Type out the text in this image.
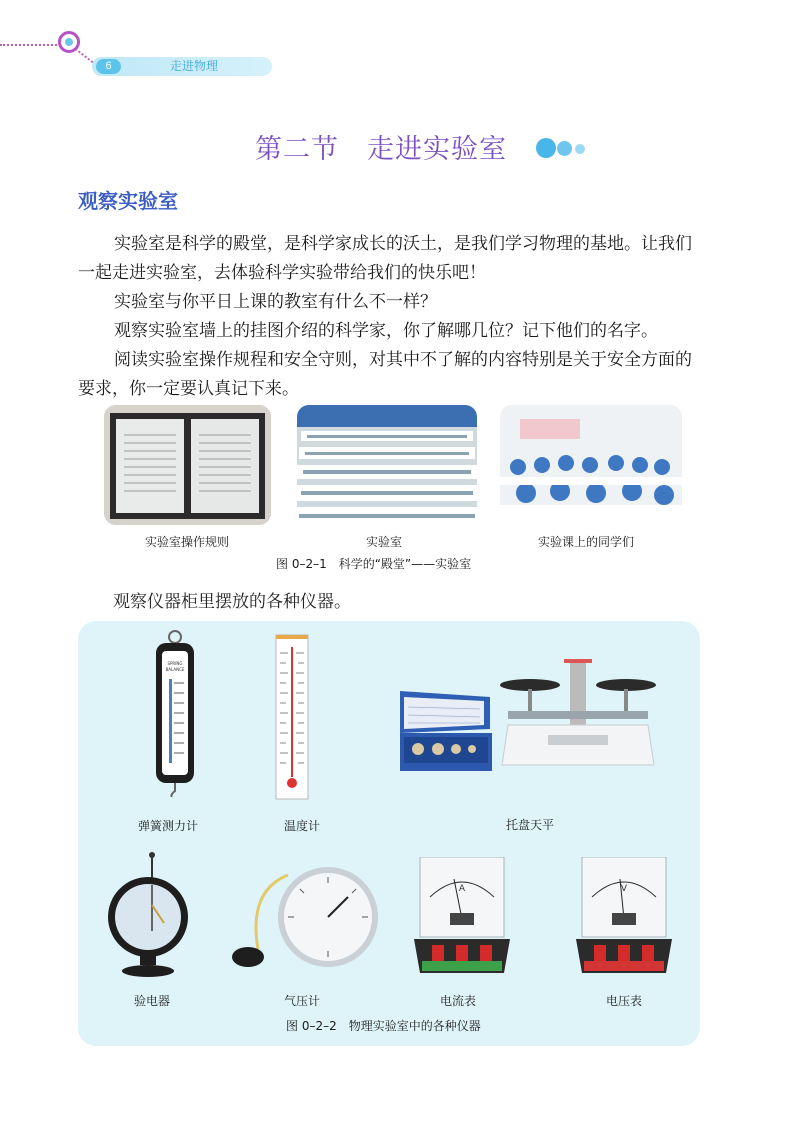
6	走进物理
第二节　走进实验室
观察实验室
实验室是科学的殿堂，是科学家成长的沃土，是我们学习物理的基地。让我们一起走进实验室，去体验科学实验带给我们的快乐吧！
实验室与你平日上课的教室有什么不一样？
观察实验室墙上的挂图介绍的科学家，你了解哪几位？记下他们的名字。
阅读实验室操作规程和安全守则，对其中不了解的内容特别是关于安全方面的要求，你一定要认真记下来。
实验室操作规则	实验室	实验课上的同学们
图 0–2–1　科学的“殿堂”——实验室
观察仪器柜里摆放的各种仪器。
SPRING
BALANCE
A	V
弹簧测力计	温度计	托盘天平
验电器	气压计	电流表	电压表
图 0–2–2　物理实验室中的各种仪器
